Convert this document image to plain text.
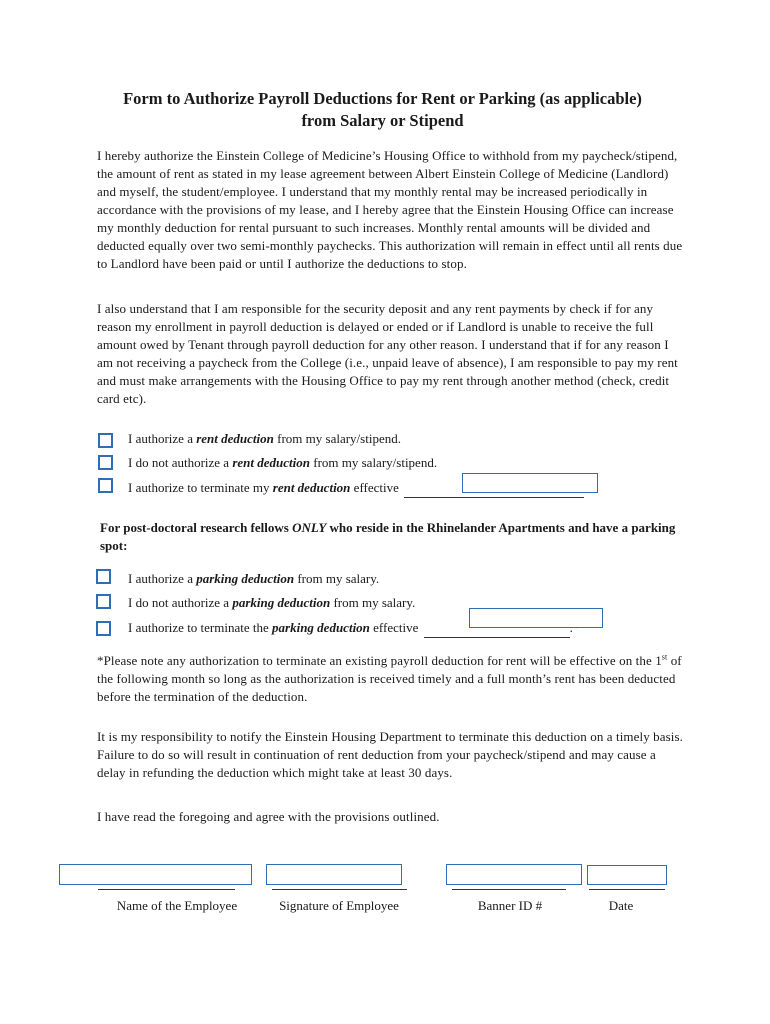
Form to Authorize Payroll Deductions for Rent or Parking (as applicable)
from Salary or Stipend
I hereby authorize the Einstein College of Medicine’s Housing Office to withhold from my paycheck/stipend, the amount of rent as stated in my lease agreement between Albert Einstein College of Medicine (Landlord) and myself, the student/employee. I understand that my monthly rental may be increased periodically in accordance with the provisions of my lease, and I hereby agree that the Einstein Housing Office can increase my monthly deduction for rental pursuant to such increases. Monthly rental amounts will be divided and deducted equally over two semi-monthly paychecks. This authorization will remain in effect until all rents due to Landlord have been paid or until I authorize the deductions to stop.
I also understand that I am responsible for the security deposit and any rent payments by check if for any reason my enrollment in payroll deduction is delayed or ended or if Landlord is unable to receive the full amount owed by Tenant through payroll deduction for any other reason. I understand that if for any reason I am not receiving a paycheck from the College (i.e., unpaid leave of absence), I am responsible to pay my rent and must make arrangements with the Housing Office to pay my rent through another method (check, credit card etc).
I authorize a rent deduction from my salary/stipend.
I do not authorize a rent deduction from my salary/stipend.
I authorize to terminate my rent deduction effective
For post-doctoral research fellows ONLY who reside in the Rhinelander Apartments and have a parking spot:
I authorize a parking deduction from my salary.
I do not authorize a parking deduction from my salary.
I authorize to terminate the parking deduction effective
*Please note any authorization to terminate an existing payroll deduction for rent will be effective on the 1st of the following month so long as the authorization is received timely and a full month’s rent has been deducted before the termination of the deduction.
It is my responsibility to notify the Einstein Housing Department to terminate this deduction on a timely basis. Failure to do so will result in continuation of rent deduction from your paycheck/stipend and may cause a delay in refunding the deduction which might take at least 30 days.
I have read the foregoing and agree with the provisions outlined.
Name of the Employee	Signature of Employee	Banner ID #	Date
